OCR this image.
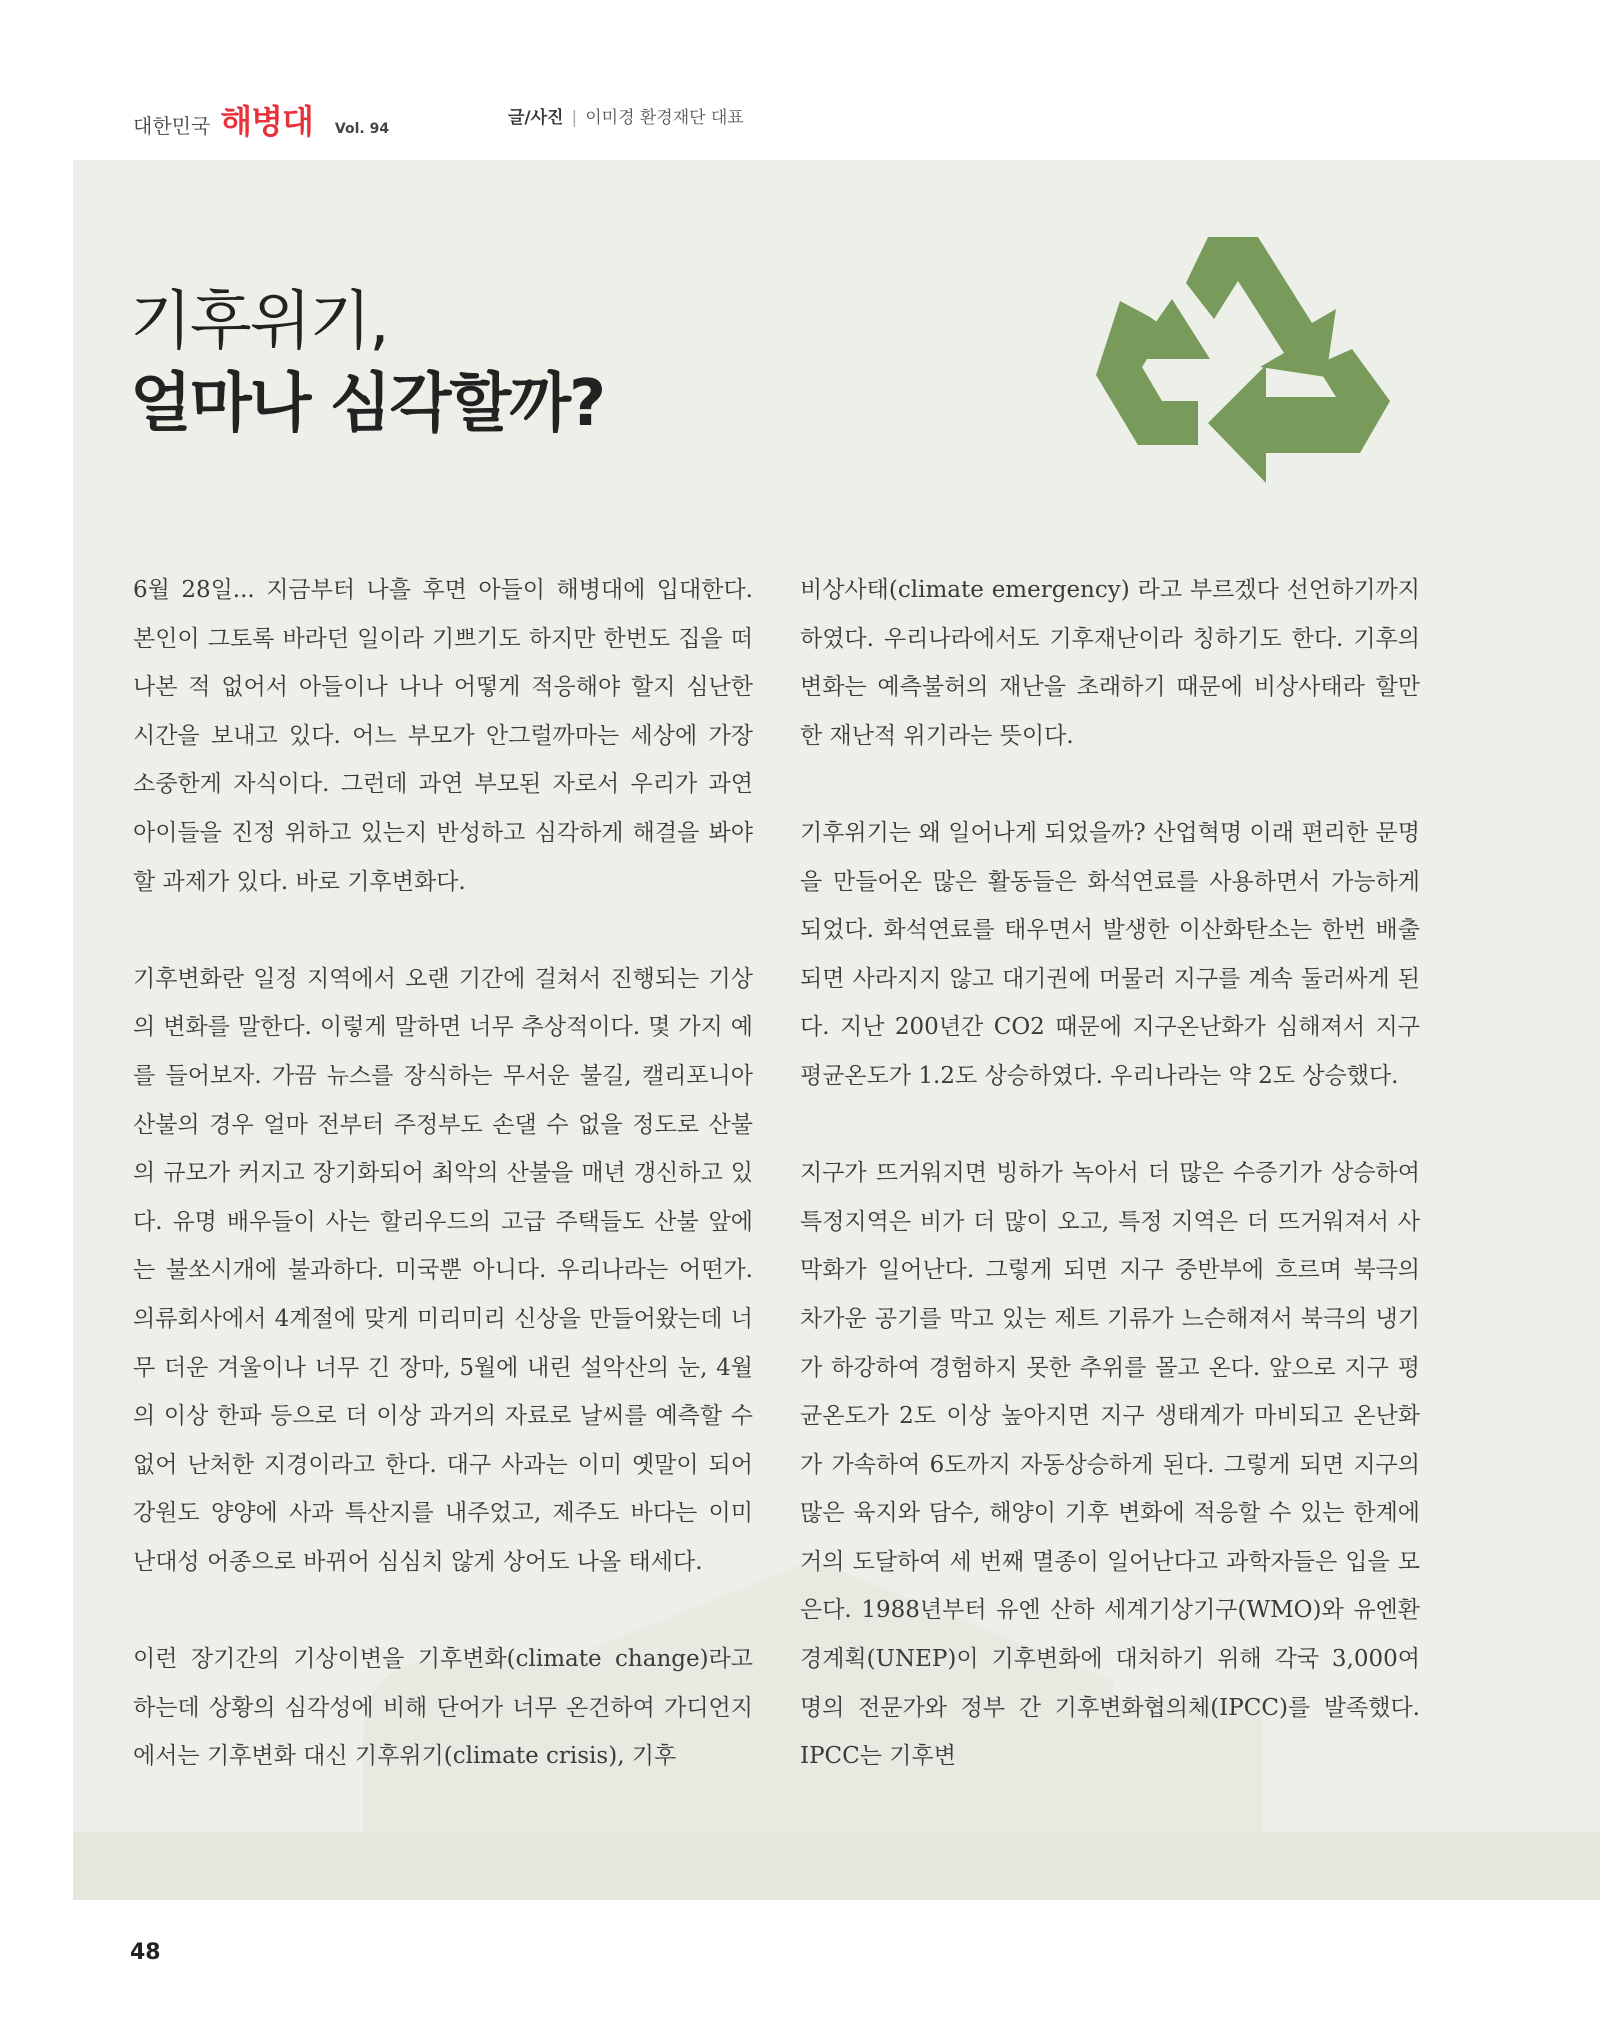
대한민국 해병대 Vol. 94
글/사진 | 이미경 환경재단 대표
기후위기,
얼마나 심각할까?

6월 28일... 지금부터 나흘 후면 아들이 해병대에 입대한다. 본인이 그토록 바라던 일이라 기쁘기도 하지만 한번도 집을 떠나본 적 없어서 아들이나 나나 어떻게 적응해야 할지 심난한 시간을 보내고 있다. 어느 부모가 안그럴까마는 세상에 가장 소중한게 자식이다. 그런데 과연 부모된 자로서 우리가 과연 아이들을 진정 위하고 있는지 반성하고 심각하게 해결을 봐야 할 과제가 있다. 바로 기후변화다.

기후변화란 일정 지역에서 오랜 기간에 걸쳐서 진행되는 기상의 변화를 말한다. 이렇게 말하면 너무 추상적이다. 몇 가지 예를 들어보자. 가끔 뉴스를 장식하는 무서운 불길, 캘리포니아 산불의 경우 얼마 전부터 주정부도 손댈 수 없을 정도로 산불의 규모가 커지고 장기화되어 최악의 산불을 매년 갱신하고 있다. 유명 배우들이 사는 할리우드의 고급 주택들도 산불 앞에는 불쏘시개에 불과하다. 미국뿐 아니다. 우리나라는 어떤가. 의류회사에서 4계절에 맞게 미리미리 신상을 만들어왔는데 너무 더운 겨울이나 너무 긴 장마, 5월에 내린 설악산의 눈, 4월의 이상 한파 등으로 더 이상 과거의 자료로 날씨를 예측할 수 없어 난처한 지경이라고 한다. 대구 사과는 이미 옛말이 되어 강원도 양양에 사과 특산지를 내주었고, 제주도 바다는 이미 난대성 어종으로 바뀌어 심심치 않게 상어도 나올 태세다.

이런 장기간의 기상이변을 기후변화(climate change)라고 하는데 상황의 심각성에 비해 단어가 너무 온건하여 가디언지에서는 기후변화 대신 기후위기(climate crisis), 기후

비상사태(climate emergency) 라고 부르겠다 선언하기까지 하였다. 우리나라에서도 기후재난이라 칭하기도 한다. 기후의 변화는 예측불허의 재난을 초래하기 때문에 비상사태라 할만한 재난적 위기라는 뜻이다.

기후위기는 왜 일어나게 되었을까? 산업혁명 이래 편리한 문명을 만들어온 많은 활동들은 화석연료를 사용하면서 가능하게 되었다. 화석연료를 태우면서 발생한 이산화탄소는 한번 배출되면 사라지지 않고 대기권에 머물러 지구를 계속 둘러싸게 된다. 지난 200년간 CO2 때문에 지구온난화가 심해져서 지구 평균온도가 1.2도 상승하였다. 우리나라는 약 2도 상승했다.

지구가 뜨거워지면 빙하가 녹아서 더 많은 수증기가 상승하여 특정지역은 비가 더 많이 오고, 특정 지역은 더 뜨거워져서 사막화가 일어난다. 그렇게 되면 지구 중반부에 흐르며 북극의 차가운 공기를 막고 있는 제트 기류가 느슨해져서 북극의 냉기가 하강하여 경험하지 못한 추위를 몰고 온다. 앞으로 지구 평균온도가 2도 이상 높아지면 지구 생태계가 마비되고 온난화가 가속하여 6도까지 자동상승하게 된다. 그렇게 되면 지구의 많은 육지와 담수, 해양이 기후 변화에 적응할 수 있는 한계에 거의 도달하여 세 번째 멸종이 일어난다고 과학자들은 입을 모은다. 1988년부터 유엔 산하 세계기상기구(WMO)와 유엔환경계획(UNEP)이 기후변화에 대처하기 위해 각국 3,000여 명의 전문가와 정부 간 기후변화협의체(IPCC)를 발족했다. IPCC는 기후변

48
